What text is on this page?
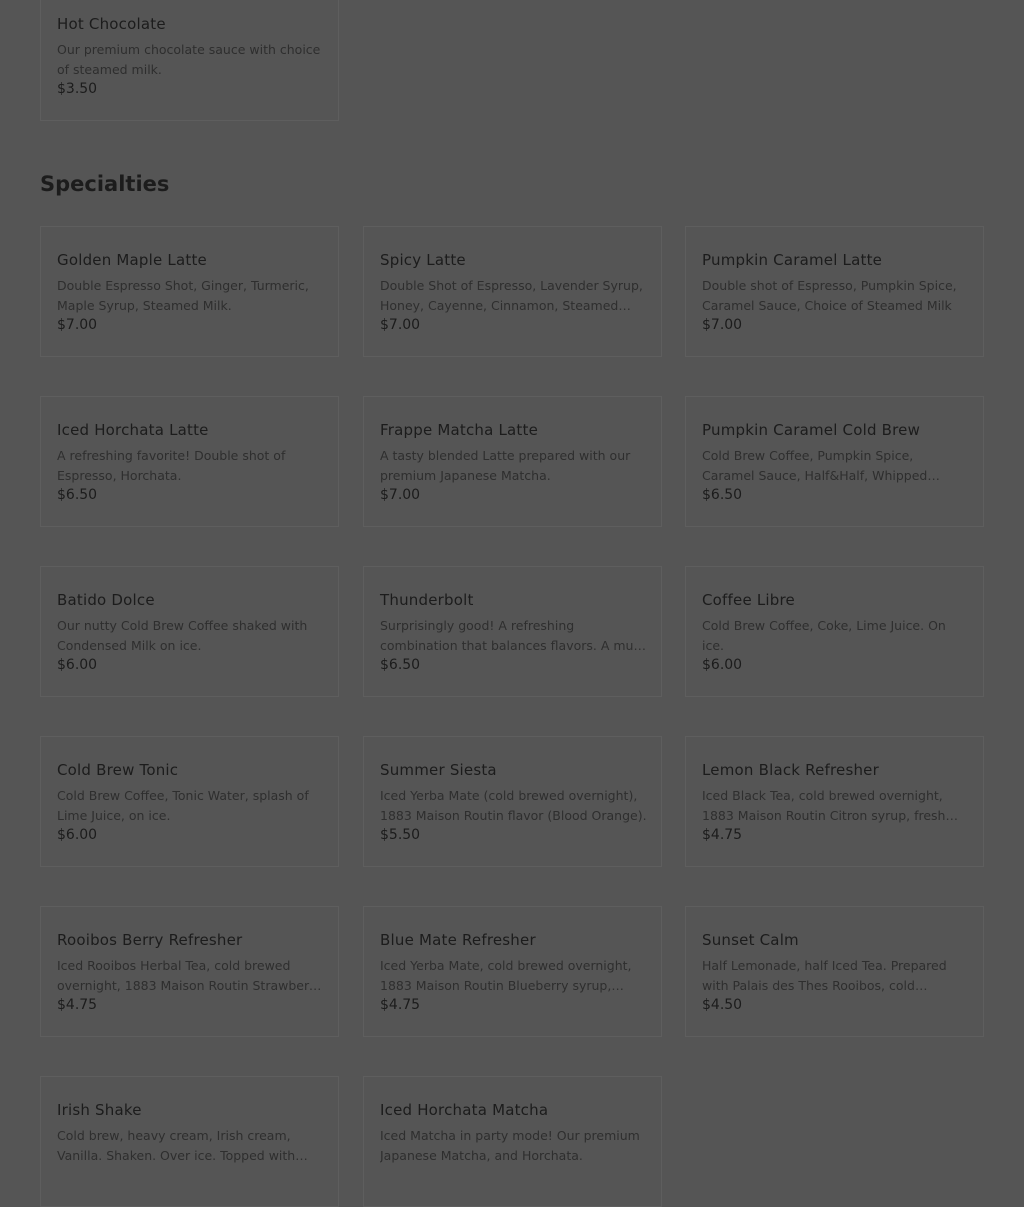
Hot Chocolate
Our premium chocolate sauce with choice of steamed milk.
$3.50
Specialties
Golden Maple Latte
Double Espresso Shot, Ginger, Turmeric, Maple Syrup, Steamed Milk.
$7.00
Spicy Latte
Double Shot of Espresso, Lavender Syrup, Honey, Cayenne, Cinnamon, Steamed
$7.00
Pumpkin Caramel Latte
Double shot of Espresso, Pumpkin Spice, Caramel Sauce, Choice of Steamed Milk
$7.00
Iced Horchata Latte
A refreshing favorite! Double shot of Espresso, Horchata.
$6.50
Frappe Matcha Latte
A tasty blended Latte prepared with our premium Japanese Matcha.
$7.00
Pumpkin Caramel Cold Brew
Cold Brew Coffee, Pumpkin Spice, Caramel Sauce, Half&Half, Whipped
$6.50
Batido Dolce
Our nutty Cold Brew Coffee shaked with Condensed Milk on ice.
$6.00
Thunderbolt
Surprisingly good! A refreshing combination that balances flavors. A must
$6.50
Coffee Libre
Cold Brew Coffee, Coke, Lime Juice. On ice.
$6.00
Cold Brew Tonic
Cold Brew Coffee, Tonic Water, splash of Lime Juice, on ice.
$6.00
Summer Siesta
Iced Yerba Mate (cold brewed overnight), 1883 Maison Routin flavor (Blood Orange).
$5.50
Lemon Black Refresher
Iced Black Tea, cold brewed overnight, 1883 Maison Routin Citron syrup, fresh
$4.75
Rooibos Berry Refresher
Iced Rooibos Herbal Tea, cold brewed overnight, 1883 Maison Routin Strawberry
$4.75
Blue Mate Refresher
Iced Yerba Mate, cold brewed overnight, 1883 Maison Routin Blueberry syrup,
$4.75
Sunset Calm
Half Lemonade, half Iced Tea. Prepared with Palais des Thes Rooibos, cold
$4.50
Irish Shake
Cold brew, heavy cream, Irish cream, Vanilla. Shaken. Over ice. Topped with
Iced Horchata Matcha
Iced Matcha in party mode! Our premium Japanese Matcha, and Horchata.
